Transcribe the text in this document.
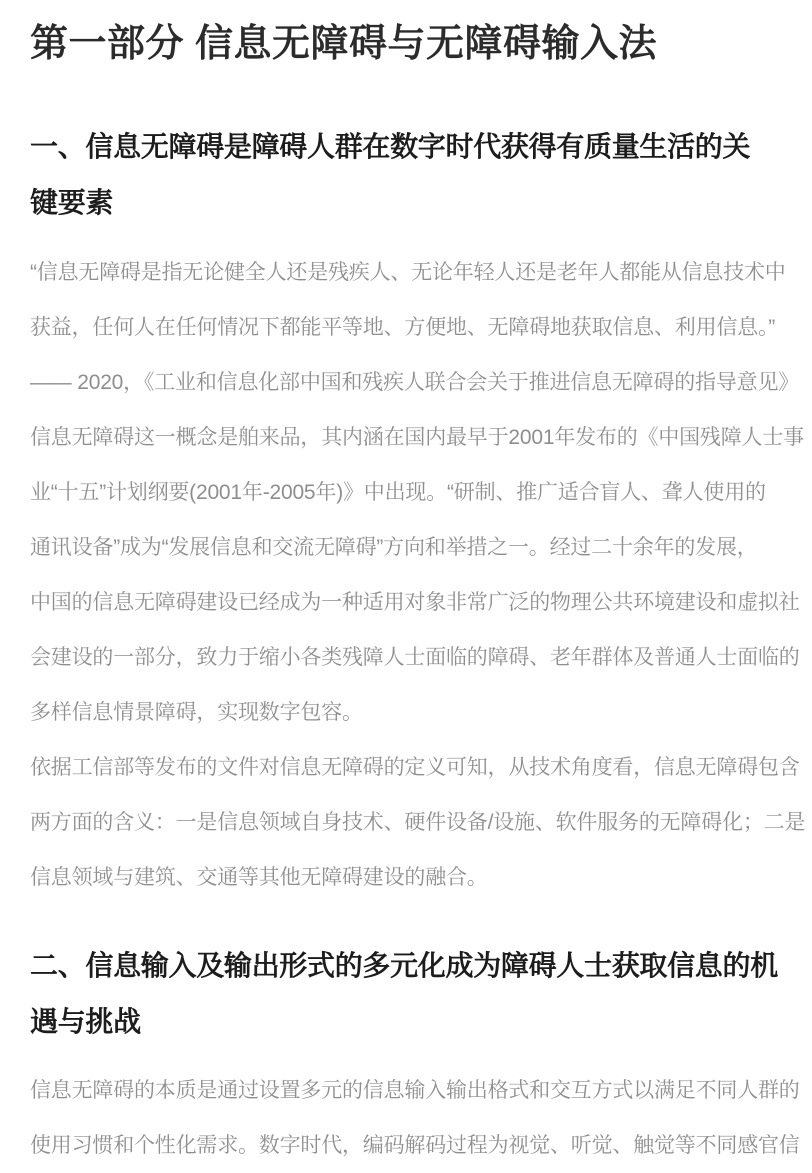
第一部分 信息无障碍与无障碍输入法
一、信息无障碍是障碍人群在数字时代获得有质量生活的关
键要素
“信息无障碍是指无论健全人还是残疾人、无论年轻人还是老年人都能从信息技术中
获益，任何人在任何情况下都能平等地、方便地、无障碍地获取信息、利用信息。”
—— 2020，《工业和信息化部中国和残疾人联合会关于推进信息无障碍的指导意见》
信息无障碍这一概念是舶来品，其内涵在国内最早于2001年发布的《中国残障人士事
业“十五”计划纲要(2001年-2005年)》中出现。“研制、推广适合盲人、聋人使用的
通讯设备”成为“发展信息和交流无障碍”方向和举措之一。经过二十余年的发展，
中国的信息无障碍建设已经成为一种适用对象非常广泛的物理公共环境建设和虚拟社
会建设的一部分，致力于缩小各类残障人士面临的障碍、老年群体及普通人士面临的
多样信息情景障碍，实现数字包容。
依据工信部等发布的文件对信息无障碍的定义可知，从技术角度看，信息无障碍包含
两方面的含义：一是信息领域自身技术、硬件设备/设施、软件服务的无障碍化；二是
信息领域与建筑、交通等其他无障碍建设的融合。
二、信息输入及输出形式的多元化成为障碍人士获取信息的机
遇与挑战
信息无障碍的本质是通过设置多元的信息输入输出格式和交互方式以满足不同人群的
使用习惯和个性化需求。数字时代，编码解码过程为视觉、听觉、触觉等不同感官信
